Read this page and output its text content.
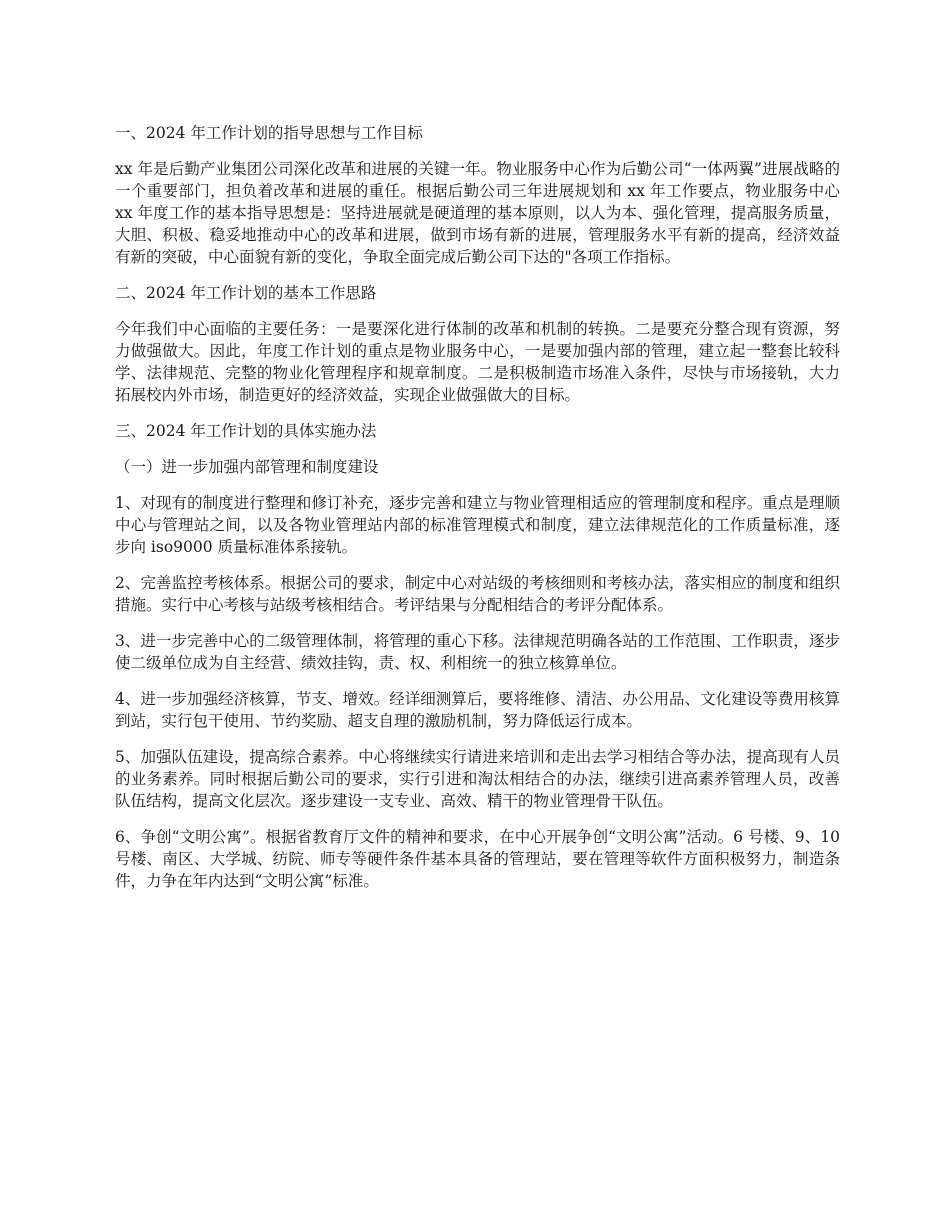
一、2024 年工作计划的指导思想与工作目标
xx 年是后勤产业集团公司深化改革和进展的关键一年。物业服务中心作为后勤公司“一体两翼”进展战略的一个重要部门，担负着改革和进展的重任。根据后勤公司三年进展规划和 xx 年工作要点，物业服务中心 xx 年度工作的基本指导思想是：坚持进展就是硬道理的基本原则，以人为本、强化管理，提高服务质量，大胆、积极、稳妥地推动中心的改革和进展，做到市场有新的进展，管理服务水平有新的提高，经济效益有新的突破，中心面貌有新的变化，争取全面完成后勤公司下达的"各项工作指标。
二、2024 年工作计划的基本工作思路
今年我们中心面临的主要任务：一是要深化进行体制的改革和机制的转换。二是要充分整合现有资源，努力做强做大。因此，年度工作计划的重点是物业服务中心，一是要加强内部的管理，建立起一整套比较科学、法律规范、完整的物业化管理程序和规章制度。二是积极制造市场准入条件，尽快与市场接轨，大力拓展校内外市场，制造更好的经济效益，实现企业做强做大的目标。
三、2024 年工作计划的具体实施办法
（一）进一步加强内部管理和制度建设
1、对现有的制度进行整理和修订补充，逐步完善和建立与物业管理相适应的管理制度和程序。重点是理顺中心与管理站之间，以及各物业管理站内部的标准管理模式和制度，建立法律规范化的工作质量标准，逐步向 iso9000 质量标准体系接轨。
2、完善监控考核体系。根据公司的要求，制定中心对站级的考核细则和考核办法，落实相应的制度和组织措施。实行中心考核与站级考核相结合。考评结果与分配相结合的考评分配体系。
3、进一步完善中心的二级管理体制，将管理的重心下移。法律规范明确各站的工作范围、工作职责，逐步使二级单位成为自主经营、绩效挂钩，责、权、利相统一的独立核算单位。
4、进一步加强经济核算，节支、增效。经详细测算后，要将维修、清洁、办公用品、文化建设等费用核算到站，实行包干使用、节约奖励、超支自理的激励机制，努力降低运行成本。
5、加强队伍建设，提高综合素养。中心将继续实行请进来培训和走出去学习相结合等办法，提高现有人员的业务素养。同时根据后勤公司的要求，实行引进和淘汰相结合的办法，继续引进高素养管理人员，改善队伍结构，提高文化层次。逐步建设一支专业、高效、精干的物业管理骨干队伍。
6、争创“文明公寓”。根据省教育厅文件的精神和要求，在中心开展争创“文明公寓”活动。6 号楼、9、10 号楼、南区、大学城、纺院、师专等硬件条件基本具备的管理站，要在管理等软件方面积极努力，制造条件，力争在年内达到“文明公寓”标准。
